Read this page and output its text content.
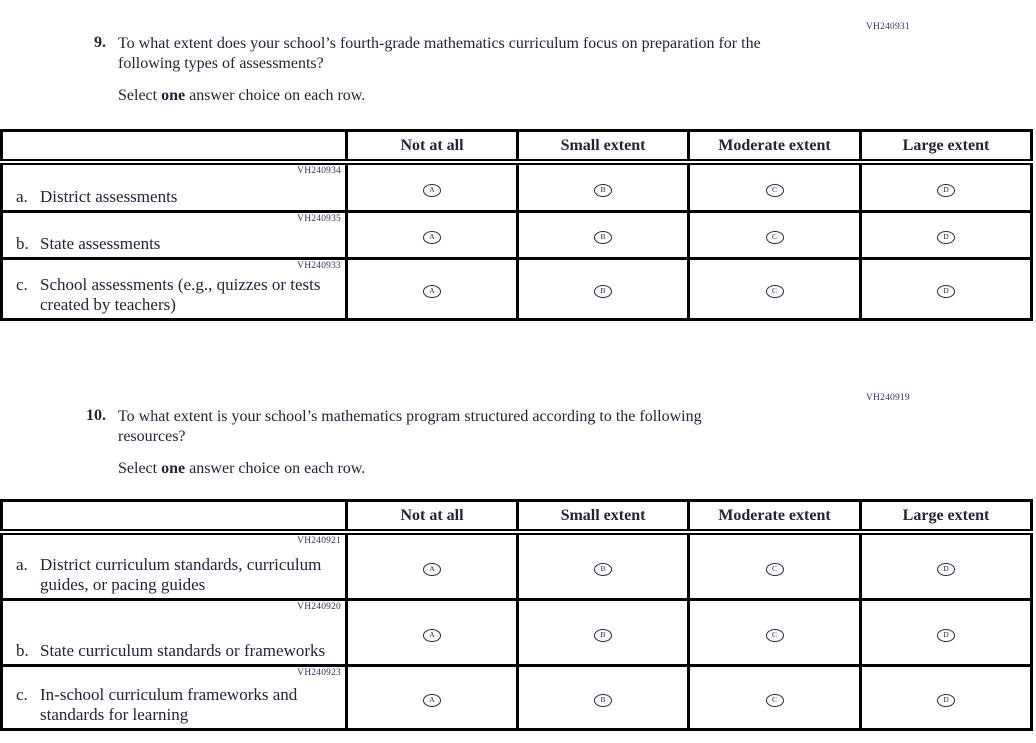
VH240931
9. To what extent does your school’s fourth-grade mathematics curriculum focus on preparation for the following types of assessments?
Select one answer choice on each row.
	Not at all	Small extent	Moderate extent	Large extent

VH240934
a. District assessments	A	B	C	D

VH240935
b. State assessments	A	B	C	D

VH240933
c. School assessments (e.g., quizzes or tests created by teachers)	A	B	C	D
VH240919
10. To what extent is your school’s mathematics program structured according to the following resources?
Select one answer choice on each row.
	Not at all	Small extent	Moderate extent	Large extent

VH240921
a. District curriculum standards, curriculum guides, or pacing guides	A	B	C	D

VH240920
b. State curriculum standards or frameworks	A	B	C	D

VH240923
c. In-school curriculum frameworks and standards for learning	A	B	C	D
